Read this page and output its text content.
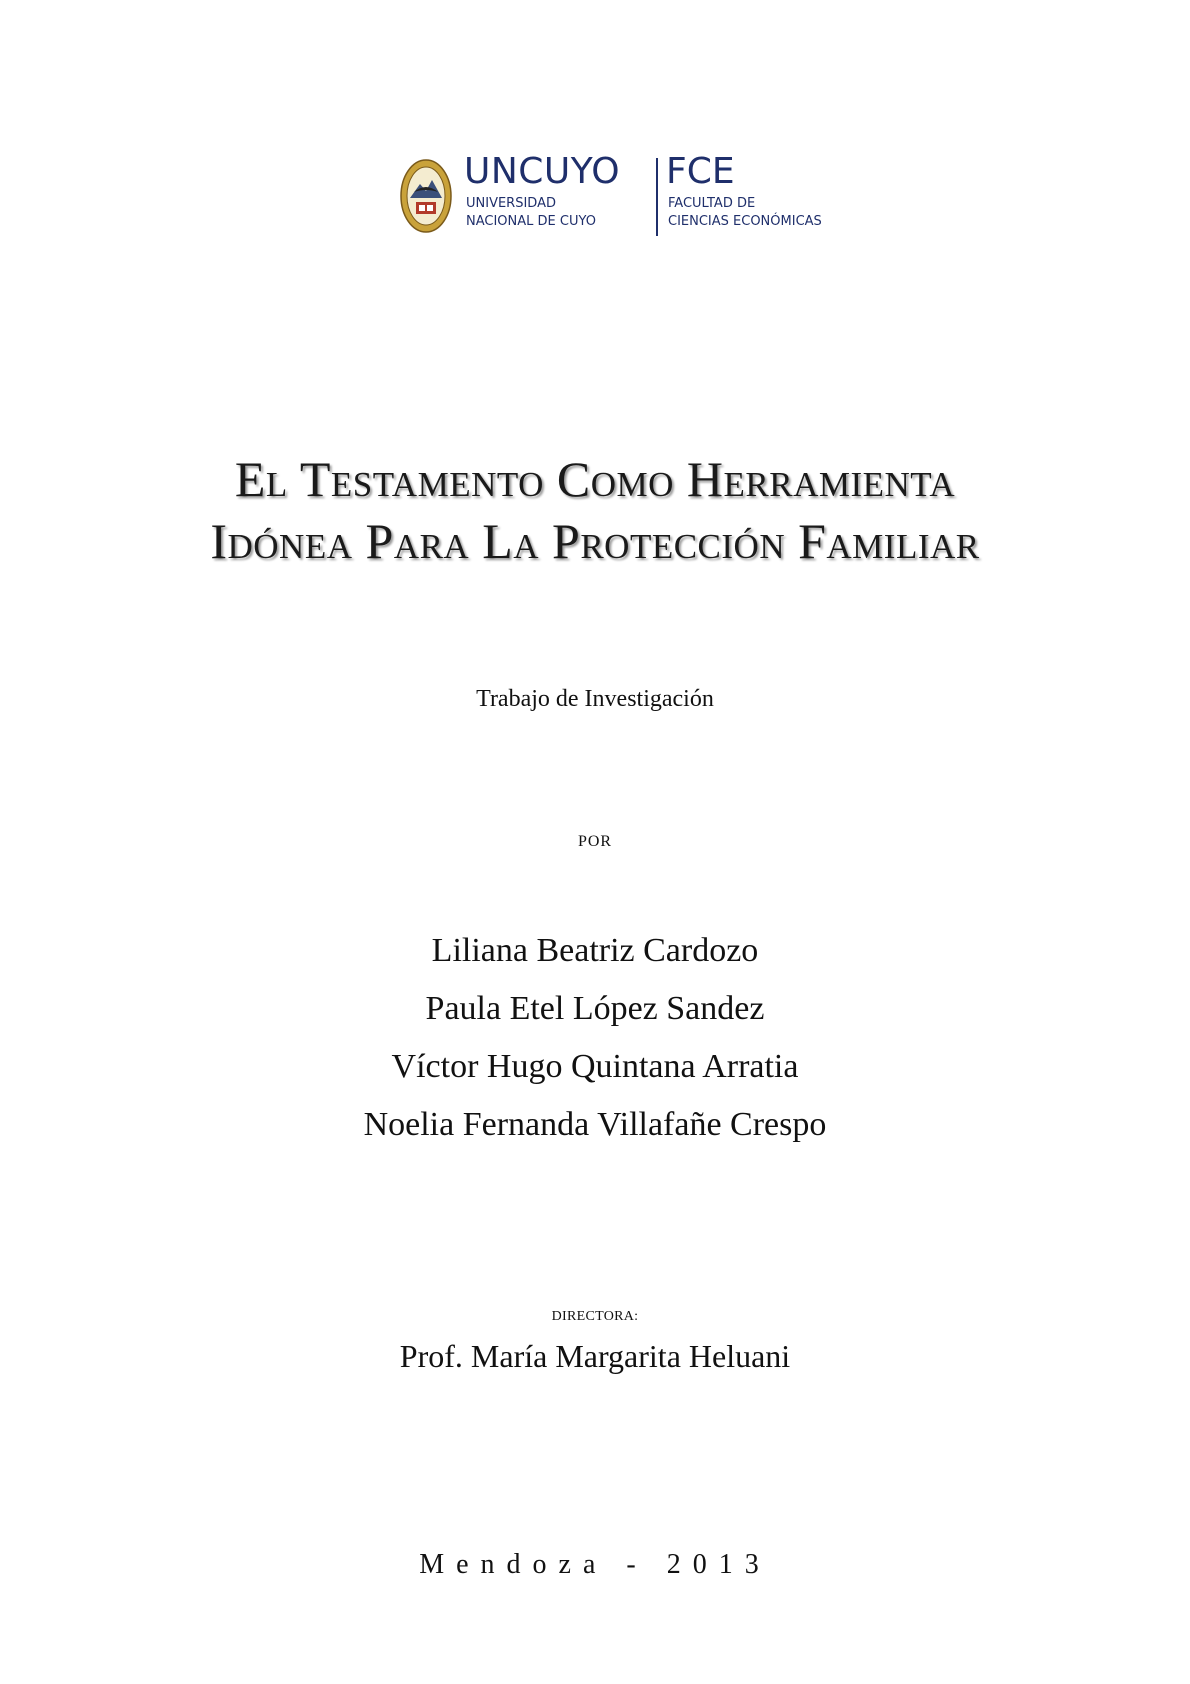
UNCUYO
UNIVERSIDAD
NACIONAL DE CUYO
FCE
FACULTAD DE
CIENCIAS ECONÓMICAS
El Testamento Como Herramienta
Idónea Para La Protección Familiar
Trabajo de Investigación
POR
Liliana Beatriz Cardozo
Paula Etel López Sandez
Víctor Hugo Quintana Arratia
Noelia Fernanda Villafañe Crespo
DIRECTORA:
Prof. María Margarita Heluani
Mendoza - 2013
